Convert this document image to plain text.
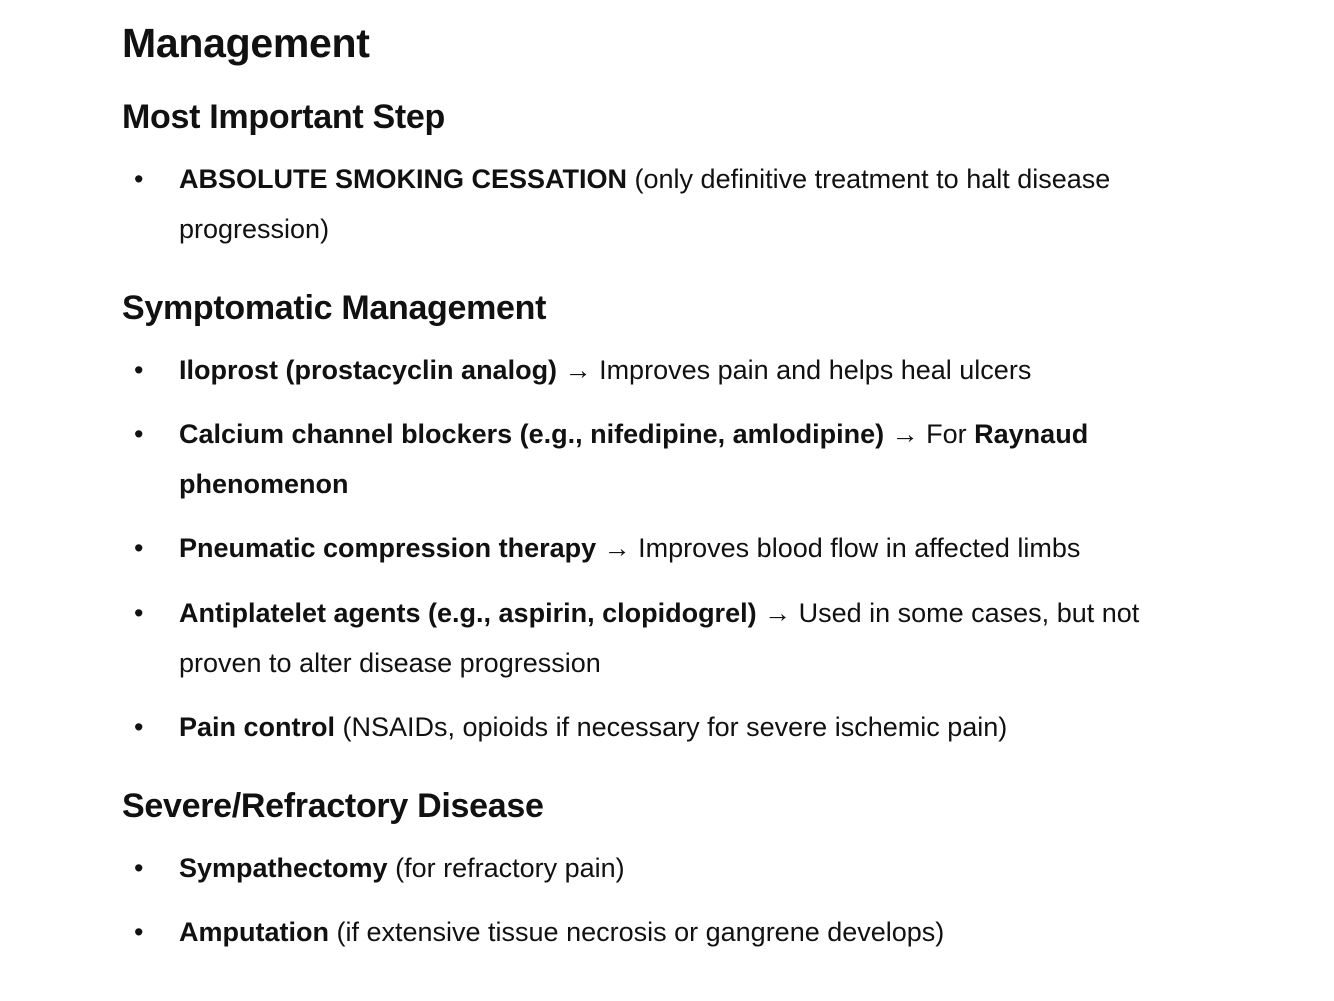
Management
Most Important Step
• ABSOLUTE SMOKING CESSATION (only definitive treatment to halt disease progression)
Symptomatic Management
• Iloprost (prostacyclin analog) → Improves pain and helps heal ulcers
• Calcium channel blockers (e.g., nifedipine, amlodipine) → For Raynaud phenomenon
• Pneumatic compression therapy → Improves blood flow in affected limbs
• Antiplatelet agents (e.g., aspirin, clopidogrel) → Used in some cases, but not proven to alter disease progression
• Pain control (NSAIDs, opioids if necessary for severe ischemic pain)
Severe/Refractory Disease
• Sympathectomy (for refractory pain)
• Amputation (if extensive tissue necrosis or gangrene develops)
